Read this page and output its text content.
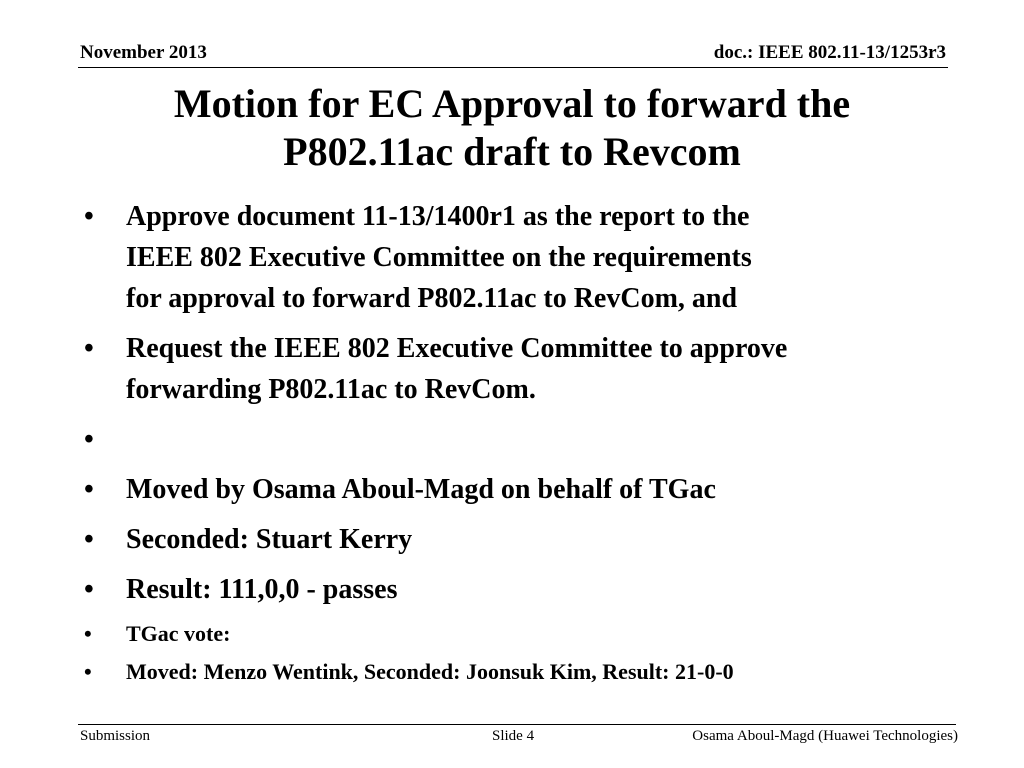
November 2013	doc.: IEEE 802.11-13/1253r3
Motion for EC Approval to forward the
P802.11ac draft to Revcom
• Approve document 11-13/1400r1 as the report to the
IEEE 802 Executive Committee on the requirements
for approval to forward P802.11ac to RevCom, and
• Request the IEEE 802 Executive Committee to approve
forwarding P802.11ac to RevCom.
•

• Moved by Osama Aboul-Magd on behalf of TGac
• Seconded: Stuart Kerry
• Result: 111,0,0 - passes
• TGac vote:
• Moved: Menzo Wentink, Seconded: Joonsuk Kim, Result: 21-0-0
Submission	Slide 4	Osama Aboul-Magd (Huawei Technologies)
